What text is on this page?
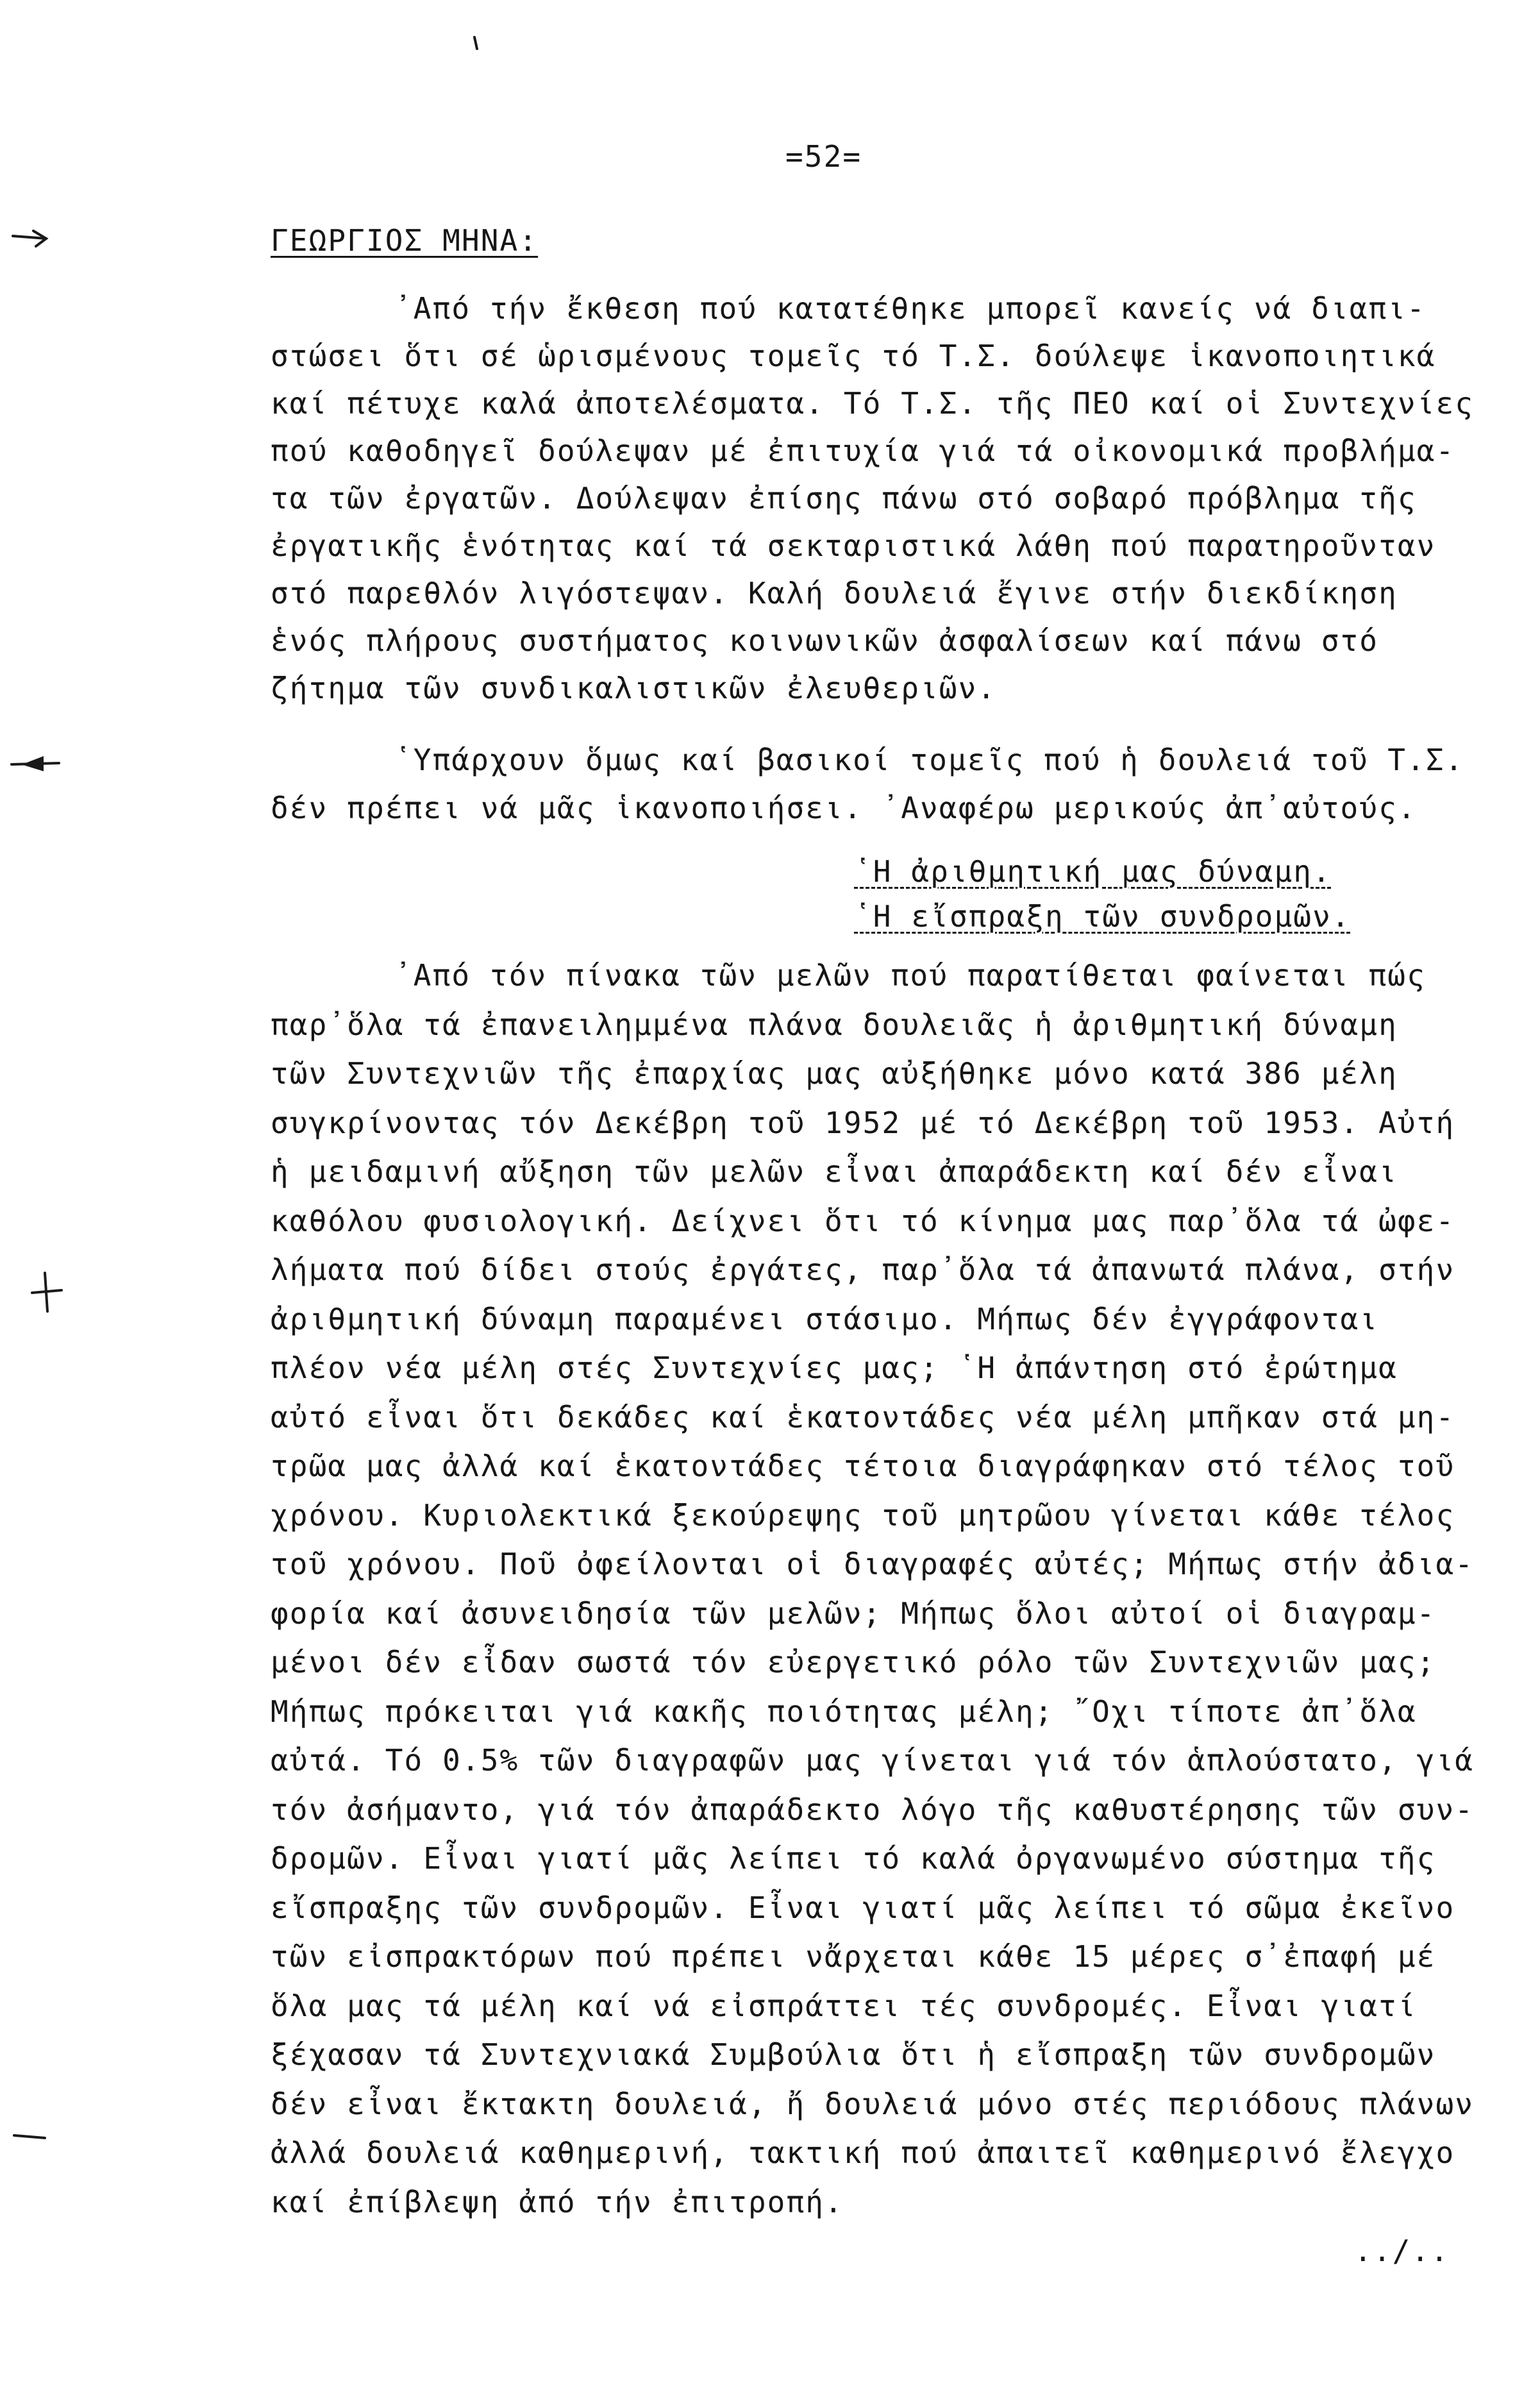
=52=
ΓΕΩΡΓΙΟΣ ΜΗΝΑ:
᾿Από τήν ἔκθεση πού κατατέθηκε μπορεῖ κανείς νά διαπι-
στώσει ὅτι σέ ὡρισμένους τομεῖς τό Τ.Σ. δούλεψε ἱκανοποιητικά
καί πέτυχε καλά ἀποτελέσματα. Τό Τ.Σ. τῆς ΠΕΟ καί οἱ Συντεχνίες
πού καθοδηγεῖ δούλεψαν μέ ἐπιτυχία γιά τά οἰκονομικά προβλήμα-
τα τῶν ἐργατῶν. Δούλεψαν ἐπίσης πάνω στό σοβαρό πρόβλημα τῆς
ἐργατικῆς ἑνότητας καί τά σεκταριστικά λάθη πού παρατηροῦνταν
στό παρεθλόν λιγόστεψαν. Καλή δουλειά ἔγινε στήν διεκδίκηση
ἑνός πλήρους συστήματος κοινωνικῶν ἀσφαλίσεων καί πάνω στό
ζήτημα τῶν συνδικαλιστικῶν ἐλευθεριῶν.
῾Υπάρχουν ὅμως καί βασικοί τομεῖς πού ἡ δουλειά τοῦ Τ.Σ.
δέν πρέπει νά μᾶς ἱκανοποιήσει. ᾿Αναφέρω μερικούς ἀπ᾿αὐτούς.
῾Η ἀριθμητική μας δύναμη.
῾Η εἴσπραξη τῶν συνδρομῶν.
᾿Από τόν πίνακα τῶν μελῶν πού παρατίθεται φαίνεται πώς
παρ᾿ὅλα τά ἐπανειλημμένα πλάνα δουλειᾶς ἡ ἀριθμητική δύναμη
τῶν Συντεχνιῶν τῆς ἐπαρχίας μας αὐξήθηκε μόνο κατά 386 μέλη
συγκρίνοντας τόν Δεκέβρη τοῦ 1952 μέ τό Δεκέβρη τοῦ 1953. Αὐτή
ἡ μειδαμινή αὔξηση τῶν μελῶν εἶναι ἀπαράδεκτη καί δέν εἶναι
καθόλου φυσιολογική. Δείχνει ὅτι τό κίνημα μας παρ᾿ὅλα τά ὠφε-
λήματα πού δίδει στούς ἐργάτες, παρ᾿ὅλα τά ἀπανωτά πλάνα, στήν
ἀριθμητική δύναμη παραμένει στάσιμο. Μήπως δέν ἐγγράφονται
πλέον νέα μέλη στές Συντεχνίες μας; ῾Η ἀπάντηση στό ἐρώτημα
αὐτό εἶναι ὅτι δεκάδες καί ἑκατοντάδες νέα μέλη μπῆκαν στά μη-
τρῶα μας ἀλλά καί ἑκατοντάδες τέτοια διαγράφηκαν στό τέλος τοῦ
χρόνου. Κυριολεκτικά ξεκούρεψης τοῦ μητρῶου γίνεται κάθε τέλος
τοῦ χρόνου. Ποῦ ὀφείλονται οἱ διαγραφές αὐτές; Μήπως στήν ἀδια-
φορία καί ἀσυνειδησία τῶν μελῶν; Μήπως ὅλοι αὐτοί οἱ διαγραμ-
μένοι δέν εἶδαν σωστά τόν εὐεργετικό ρόλο τῶν Συντεχνιῶν μας;
Μήπως πρόκειται γιά κακῆς ποιότητας μέλη; ῎Οχι τίποτε ἀπ᾿ὅλα
αὐτά. Τό 0.5% τῶν διαγραφῶν μας γίνεται γιά τόν ἁπλούστατο, γιά
τόν ἀσήμαντο, γιά τόν ἀπαράδεκτο λόγο τῆς καθυστέρησης τῶν συν-
δρομῶν. Εἶναι γιατί μᾶς λείπει τό καλά ὀργανωμένο σύστημα τῆς
εἴσπραξης τῶν συνδρομῶν. Εἶναι γιατί μᾶς λείπει τό σῶμα ἐκεῖνο
τῶν εἰσπρακτόρων πού πρέπει νἄρχεται κάθε 15 μέρες σ᾿ἐπαφή μέ
ὅλα μας τά μέλη καί νά εἰσπράττει τές συνδρομές. Εἶναι γιατί
ξέχασαν τά Συντεχνιακά Συμβούλια ὅτι ἡ εἴσπραξη τῶν συνδρομῶν
δέν εἶναι ἔκτακτη δουλειά, ἤ δουλειά μόνο στές περιόδους πλάνων
ἀλλά δουλειά καθημερινή, τακτική πού ἀπαιτεῖ καθημερινό ἔλεγχο
καί ἐπίβλεψη ἀπό τήν ἐπιτροπή.
../..
